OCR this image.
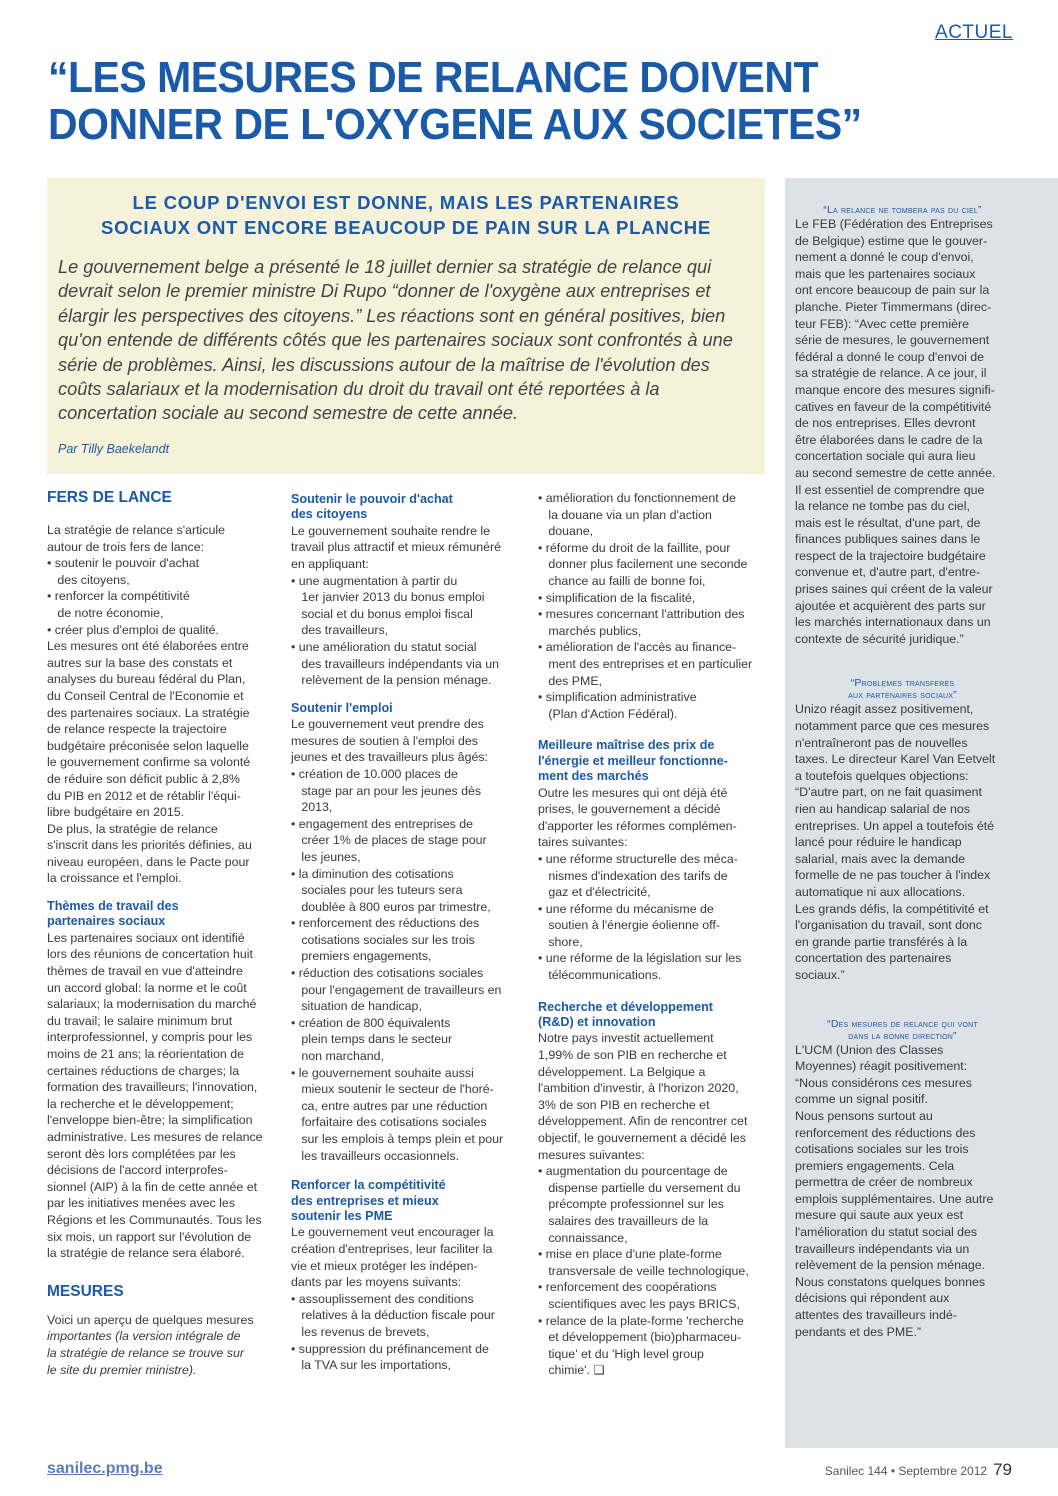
ACTUEL
“LES MESURES DE RELANCE DOIVENT
DONNER DE L'OXYGENE AUX SOCIETES”
LE COUP D'ENVOI EST DONNE, MAIS LES PARTENAIRES
SOCIAUX ONT ENCORE BEAUCOUP DE PAIN SUR LA PLANCHE
Le gouvernement belge a présenté le 18 juillet dernier sa stratégie de relance qui
devrait selon le premier ministre Di Rupo “donner de l'oxygène aux entreprises et
élargir les perspectives des citoyens.” Les réactions sont en général positives, bien
qu'on entende de différents côtés que les partenaires sociaux sont confrontés à une
série de problèmes. Ainsi, les discussions autour de la maîtrise de l'évolution des
coûts salariaux et la modernisation du droit du travail ont été reportées à la
concertation sociale au second semestre de cette année.
Par Tilly Baekelandt
FERS DE LANCE
La stratégie de relance s'articule
autour de trois fers de lance:
• soutenir le pouvoir d'achat
des citoyens,
• renforcer la compétitivité
de notre économie,
• créer plus d'emploi de qualité.
Les mesures ont été élaborées entre
autres sur la base des constats et
analyses du bureau fédéral du Plan,
du Conseil Central de l'Economie et
des partenaires sociaux. La stratégie
de relance respecte la trajectoire
budgétaire préconisée selon laquelle
le gouvernement confirme sa volonté
de réduire son déficit public à 2,8%
du PIB en 2012 et de rétablir l'équi-
libre budgétaire en 2015.
De plus, la stratégie de relance
s'inscrit dans les priorités définies, au
niveau européen, dans le Pacte pour
la croissance et l'emploi.
Thèmes de travail des
partenaires sociaux
Les partenaires sociaux ont identifié
lors des réunions de concertation huit
thèmes de travail en vue d'atteindre
un accord global: la norme et le coût
salariaux; la modernisation du marché
du travail; le salaire minimum brut
interprofessionnel, y compris pour les
moins de 21 ans; la réorientation de
certaines réductions de charges; la
formation des travailleurs; l'innovation,
la recherche et le développement;
l'enveloppe bien-être; la simplification
administrative. Les mesures de relance
seront dès lors complétées par les
décisions de l'accord interprofes-
sionnel (AIP) à la fin de cette année et
par les initiatives menées avec les
Régions et les Communautés. Tous les
six mois, un rapport sur l'évolution de
la stratégie de relance sera élaboré.
MESURES
Voici un aperçu de quelques mesures
importantes (la version intégrale de
la stratégie de relance se trouve sur
le site du premier ministre).
Soutenir le pouvoir d'achat
des citoyens
Le gouvernement souhaite rendre le
travail plus attractif et mieux rémunéré
en appliquant:
• une augmentation à partir du
1er janvier 2013 du bonus emploi
social et du bonus emploi fiscal
des travailleurs,
• une amélioration du statut social
des travailleurs indépendants via un
relèvement de la pension ménage.
Soutenir l'emploi
Le gouvernement veut prendre des
mesures de soutien à l'emploi des
jeunes et des travailleurs plus âgés:
• création de 10.000 places de
stage par an pour les jeunes dès
2013,
• engagement des entreprises de
créer 1% de places de stage pour
les jeunes,
• la diminution des cotisations
sociales pour les tuteurs sera
doublée à 800 euros par trimestre,
• renforcement des réductions des
cotisations sociales sur les trois
premiers engagements,
• réduction des cotisations sociales
pour l'engagement de travailleurs en
situation de handicap,
• création de 800 équivalents
plein temps dans le secteur
non marchand,
• le gouvernement souhaite aussi
mieux soutenir le secteur de l'horé-
ca, entre autres par une réduction
forfaitaire des cotisations sociales
sur les emplois à temps plein et pour
les travailleurs occasionnels.
Renforcer la compétitivité
des entreprises et mieux
soutenir les PME
Le gouvernement veut encourager la
création d'entreprises, leur faciliter la
vie et mieux protéger les indépen-
dants par les moyens suivants:
• assouplissement des conditions
relatives à la déduction fiscale pour
les revenus de brevets,
• suppression du préfinancement de
la TVA sur les importations,
• amélioration du fonctionnement de
la douane via un plan d'action
douane,
• réforme du droit de la faillite, pour
donner plus facilement une seconde
chance au failli de bonne foi,
• simplification de la fiscalité,
• mesures concernant l'attribution des
marchés publics,
• amélioration de l'accès au finance-
ment des entreprises et en particulier
des PME,
• simplification administrative
(Plan d'Action Fédéral).
Meilleure maîtrise des prix de
l'énergie et meilleur fonctionne-
ment des marchés
Outre les mesures qui ont déjà été
prises, le gouvernement a décidé
d'apporter les réformes complémen-
taires suivantes:
• une réforme structurelle des méca-
nismes d'indexation des tarifs de
gaz et d'électricité,
• une réforme du mécanisme de
soutien à l'énergie éolienne off-
shore,
• une réforme de la législation sur les
télécommunications.
Recherche et développement
(R&D) et innovation
Notre pays investit actuellement
1,99% de son PIB en recherche et
développement. La Belgique a
l'ambition d'investir, à l'horizon 2020,
3% de son PIB en recherche et
développement. Afin de rencontrer cet
objectif, le gouvernement a décidé les
mesures suivantes:
• augmentation du pourcentage de
dispense partielle du versement du
précompte professionnel sur les
salaires des travailleurs de la
connaissance,
• mise en place d'une plate-forme
transversale de veille technologique,
• renforcement des coopérations
scientifiques avec les pays BRICS,
• relance de la plate-forme 'recherche
et développement (bio)pharmaceu-
tique' et du 'High level group
chimie'. ❏
“La relance ne tombera pas du ciel”
Le FEB (Fédération des Entreprises
de Belgique) estime que le gouver-
nement a donné le coup d'envoi,
mais que les partenaires sociaux
ont encore beaucoup de pain sur la
planche. Pieter Timmermans (direc-
teur FEB): “Avec cette première
série de mesures, le gouvernement
fédéral a donné le coup d'envoi de
sa stratégie de relance. A ce jour, il
manque encore des mesures signifi-
catives en faveur de la compétitivité
de nos entreprises. Elles devront
être élaborées dans le cadre de la
concertation sociale qui aura lieu
au second semestre de cette année.
Il est essentiel de comprendre que
la relance ne tombe pas du ciel,
mais est le résultat, d'une part, de
finances publiques saines dans le
respect de la trajectoire budgétaire
convenue et, d'autre part, d'entre-
prises saines qui créent de la valeur
ajoutée et acquièrent des parts sur
les marchés internationaux dans un
contexte de sécurité juridique.”
“Problemes transferes
aux partenaires sociaux”
Unizo réagit assez positivement,
notamment parce que ces mesures
n'entraîneront pas de nouvelles
taxes. Le directeur Karel Van Eetvelt
a toutefois quelques objections:
“D'autre part, on ne fait quasiment
rien au handicap salarial de nos
entreprises. Un appel a toutefois été
lancé pour réduire le handicap
salarial, mais avec la demande
formelle de ne pas toucher à l'index
automatique ni aux allocations.
Les grands défis, la compétitivité et
l'organisation du travail, sont donc
en grande partie transférés à la
concertation des partenaires
sociaux.”
“Des mesures de relance qui vont
dans la bonne direction”
L'UCM (Union des Classes
Moyennes) réagit positivement:
“Nous considérons ces mesures
comme un signal positif.
Nous pensons surtout au
renforcement des réductions des
cotisations sociales sur les trois
premiers engagements. Cela
permettra de créer de nombreux
emplois supplémentaires. Une autre
mesure qui saute aux yeux est
l'amélioration du statut social des
travailleurs indépendants via un
relèvement de la pension ménage.
Nous constatons quelques bonnes
décisions qui répondent aux
attentes des travailleurs indé-
pendants et des PME.”
sanilec.pmg.be	Sanilec 144 • Septembre 2012 79
